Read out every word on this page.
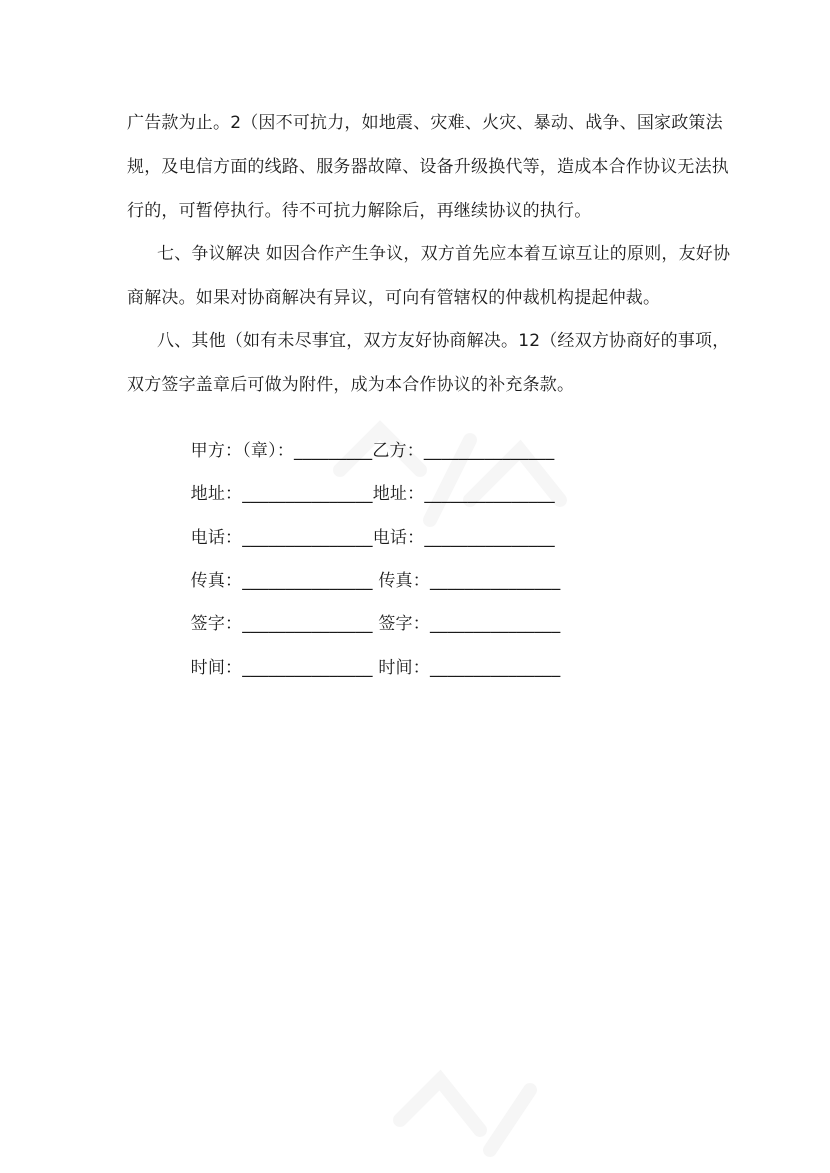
广告款为止。2（因不可抗力，如地震、灾难、火灾、暴动、战争、国家政策法
规，及电信方面的线路、服务器故障、设备升级换代等，造成本合作协议无法执
行的，可暂停执行。待不可抗力解除后，再继续协议的执行。
七、争议解决 如因合作产生争议，双方首先应本着互谅互让的原则，友好协
商解决。如果对协商解决有异议，可向有管辖权的仲裁机构提起仲裁。
八、其他（如有未尽事宜，双方友好协商解决。12（经双方协商好的事项，
双方签字盖章后可做为附件，成为本合作协议的补充条款。

甲方：（章）：_________乙方：_______________

地址：_______________地址：_______________

电话：_______________电话：_______________

传真：_______________ 传真：_______________

签字：_______________ 签字：_______________

时间：_______________ 时间：_______________
